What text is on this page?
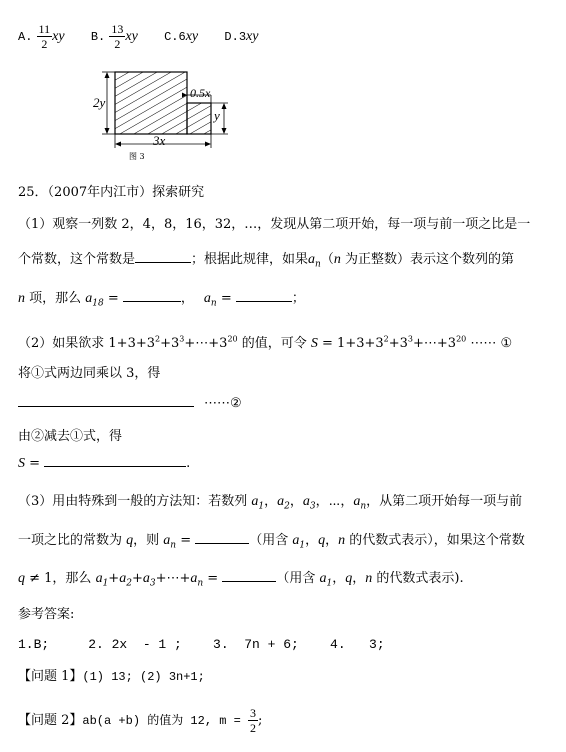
A. $\frac{11}{2}$ xy B. $\frac{13}{2}$ xy C.6xy D.3xy
2y
0.5x
y
3x
图 3
25．（2007年内江市）探索研究
（1）观察一列数 2，4，8，16，32，…，发现从第二项开始，每一项与前一项之比是一
个常数，这个常数是	；根据此规律，如果$a_n(n$ 为正整数）表示这个数列的第
n 项，那么 $a_{18}$ =	， $a_n$ =	；
（2）如果欲求 $1+3+3^2+3^3+\cdots+3^{20}$ 的值，可令 $S = 1+3+3^2+3^3+\cdots+3^{20}$ ⋯⋯ ①
将①式两边同乘以 3，得
⋯⋯②
由②减去①式，得
S =	.
（3）用由特殊到一般的方法知：若数列 $a_1$，$a_2$，$a_3$，⋯，$a_n$，从第二项开始每一项与前
一项之比的常数为 q，则 $a_n$ =	（用含 $a_1$，q，n 的代数式表示），如果这个常数
q ≠ 1，那么 $a_1+a_2+a_3+\cdots+a_n$ =	（用含 $a_1$，q，n 的代数式表示).
参考答案:
1.B;     2. 2x  - 1 ;    3.  7n + 6;    4.   3;
【问题 1】(1) 13; (2) 3n+1;
【问题 2】ab(a +b) 的值为 12, $m = \frac{3}{2}$ ;
